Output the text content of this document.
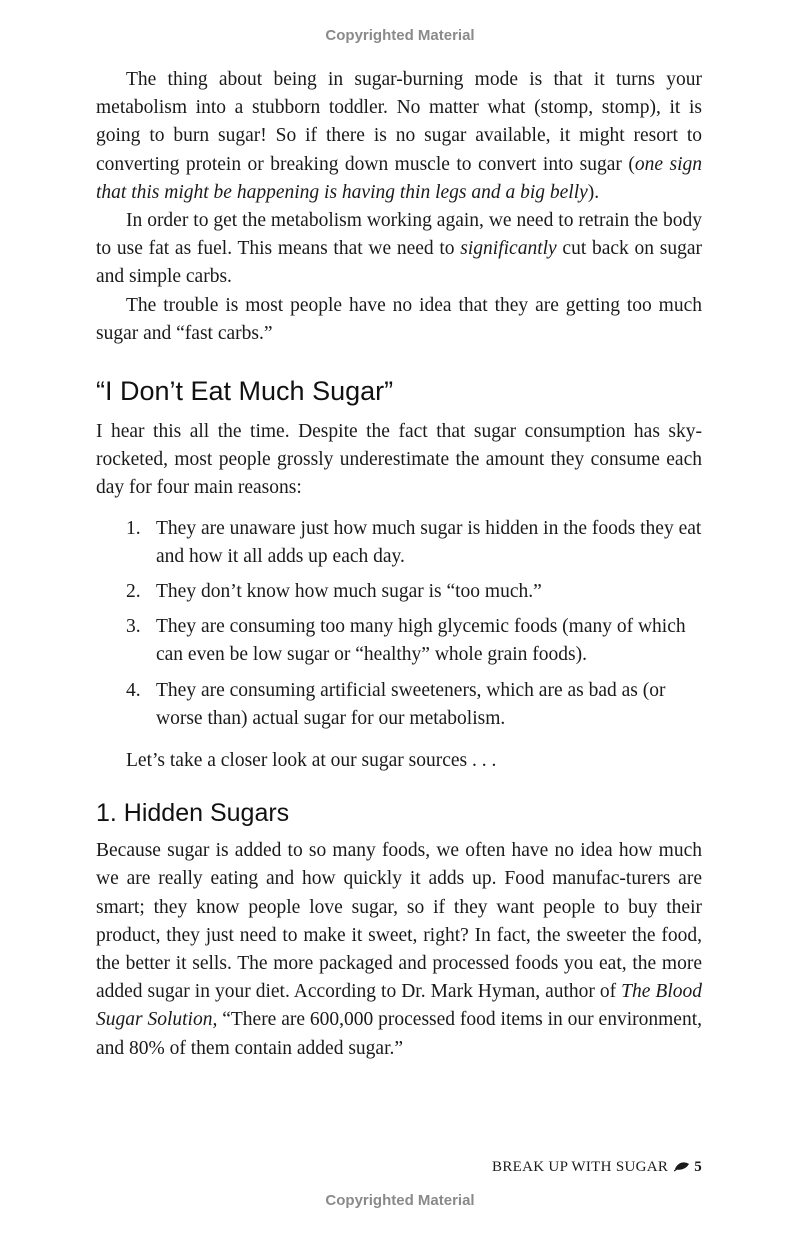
Copyrighted Material

The thing about being in sugar-burning mode is that it turns your metabolism into a stubborn toddler. No matter what (stomp, stomp), it is going to burn sugar! So if there is no sugar available, it might resort to converting protein or breaking down muscle to convert into sugar (one sign that this might be happening is having thin legs and a big belly).

In order to get the metabolism working again, we need to retrain the body to use fat as fuel. This means that we need to significantly cut back on sugar and simple carbs.

The trouble is most people have no idea that they are getting too much sugar and “fast carbs.”

“I Don’t Eat Much Sugar”

I hear this all the time. Despite the fact that sugar consumption has sky-rocketed, most people grossly underestimate the amount they consume each day for four main reasons:

1. They are unaware just how much sugar is hidden in the foods they eat and how it all adds up each day.
2. They don’t know how much sugar is “too much.”
3. They are consuming too many high glycemic foods (many of which can even be low sugar or “healthy” whole grain foods).
4. They are consuming artificial sweeteners, which are as bad as (or worse than) actual sugar for our metabolism.

Let’s take a closer look at our sugar sources . . .

1. Hidden Sugars

Because sugar is added to so many foods, we often have no idea how much we are really eating and how quickly it adds up. Food manufac-turers are smart; they know people love sugar, so if they want people to buy their product, they just need to make it sweet, right? In fact, the sweeter the food, the better it sells. The more packaged and processed foods you eat, the more added sugar in your diet. According to Dr. Mark Hyman, author of The Blood Sugar Solution, “There are 600,000 processed food items in our environment, and 80% of them contain added sugar.”

BREAK UP WITH SUGAR 5
Copyrighted Material
